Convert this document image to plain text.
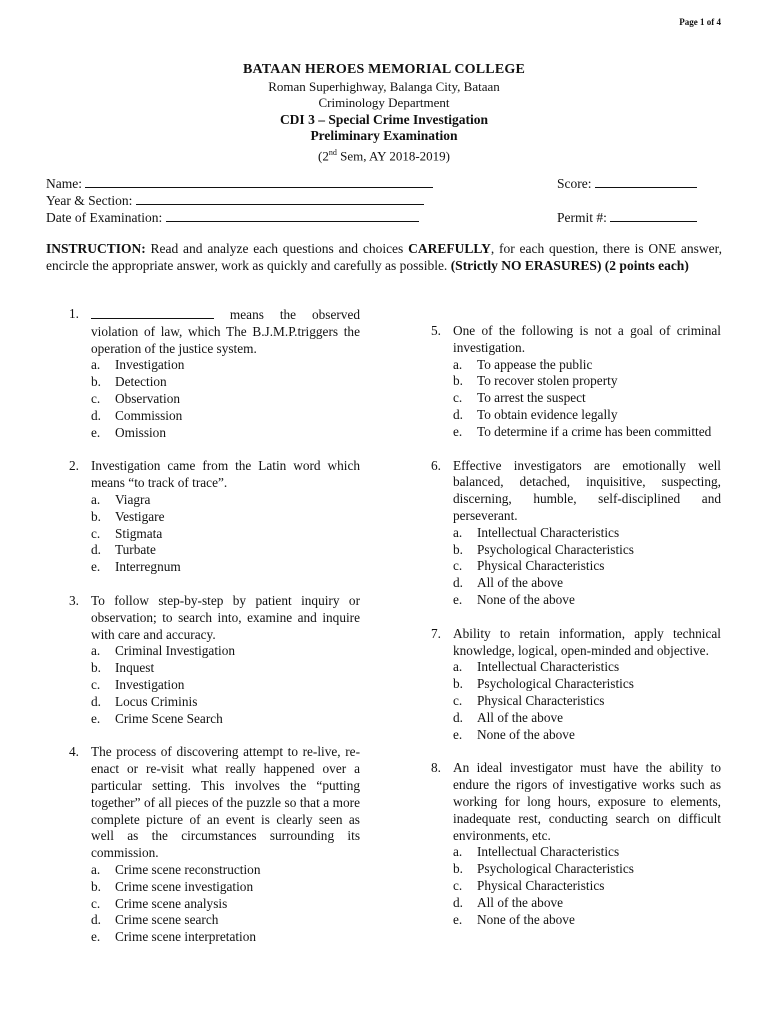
Page 1 of 4
BATAAN HEROES MEMORIAL COLLEGE
Roman Superhighway, Balanga City, Bataan
Criminology Department
CDI 3 – Special Crime Investigation
Preliminary Examination
(2nd Sem, AY 2018-2019)
Name:	Score:
Year & Section:
Date of Examination:	Permit #:
INSTRUCTION: Read and analyze each questions and choices CAREFULLY, for each question, there is ONE answer, encircle the appropriate answer, work as quickly and carefully as possible. (Strictly NO ERASURES) (2 points each)
1.	means the observed violation of law, which The B.J.M.P.triggers the operation of the justice system.
a. Investigation
b. Detection
c. Observation
d. Commission
e. Omission
2. Investigation came from the Latin word which means “to track of trace”.
a. Viagra
b. Vestigare
c. Stigmata
d. Turbate
e. Interregnum
3. To follow step-by-step by patient inquiry or observation; to search into, examine and inquire with care and accuracy.
a. Criminal Investigation
b. Inquest
c. Investigation
d. Locus Criminis
e. Crime Scene Search
4. The process of discovering attempt to re-live, re-enact or re-visit what really happened over a particular setting. This involves the “putting together” of all pieces of the puzzle so that a more complete picture of an event is clearly seen as well as the circumstances surrounding its commission.
a. Crime scene reconstruction
b. Crime scene investigation
c. Crime scene analysis
d. Crime scene search
e. Crime scene interpretation
5. One of the following is not a goal of criminal investigation.
a. To appease the public
b. To recover stolen property
c. To arrest the suspect
d. To obtain evidence legally
e. To determine if a crime has been committed
6. Effective investigators are emotionally well balanced, detached, inquisitive, suspecting, discerning, humble, self-disciplined and perseverant.
a. Intellectual Characteristics
b. Psychological Characteristics
c. Physical Characteristics
d. All of the above
e. None of the above
7. Ability to retain information, apply technical knowledge, logical, open-minded and objective.
a. Intellectual Characteristics
b. Psychological Characteristics
c. Physical Characteristics
d. All of the above
e. None of the above
8. An ideal investigator must have the ability to endure the rigors of investigative works such as working for long hours, exposure to elements, inadequate rest, conducting search on difficult environments, etc.
a. Intellectual Characteristics
b. Psychological Characteristics
c. Physical Characteristics
d. All of the above
e. None of the above
